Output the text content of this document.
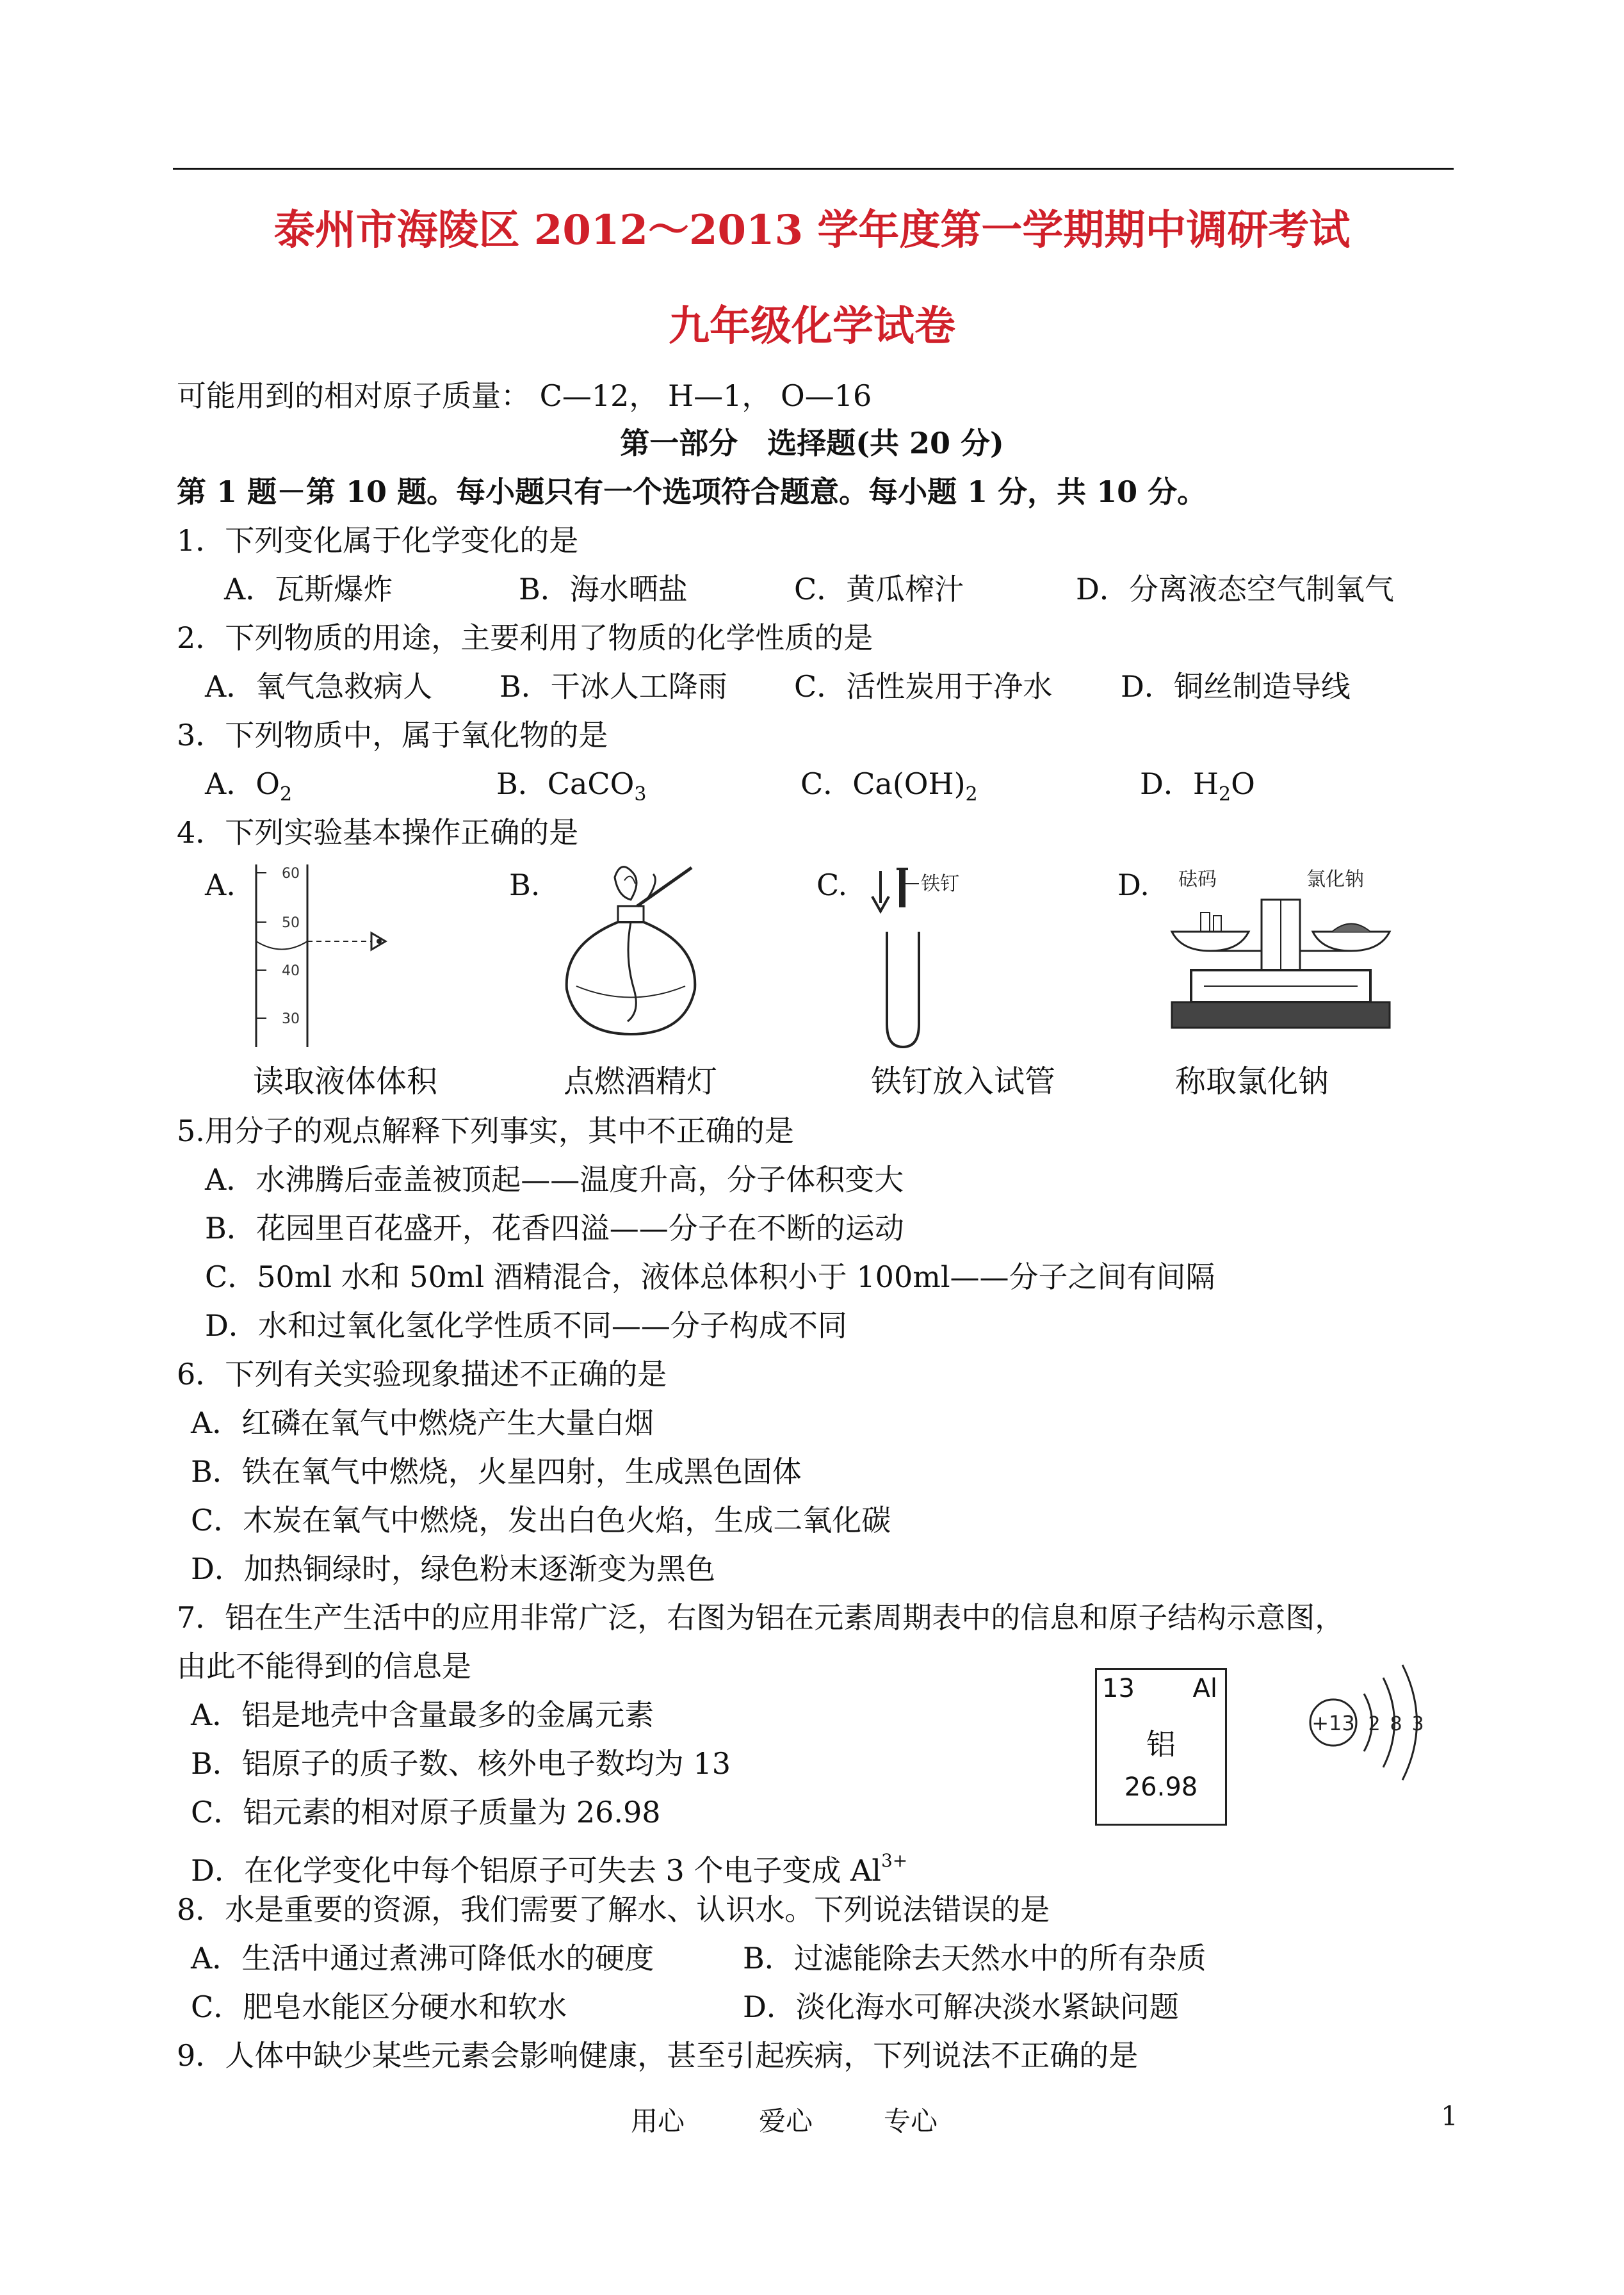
泰州市海陵区 2012～2013 学年度第一学期期中调研考试
九年级化学试卷
可能用到的相对原子质量： C—12， H—1， O—16
第一部分　选择题(共 20 分)
第 1 题－第 10 题。每小题只有一个选项符合题意。每小题 1 分，共 10 分。
1．下列变化属于化学变化的是
A．瓦斯爆炸	B．海水晒盐	C．黄瓜榨汁	D．分离液态空气制氧气
2．下列物质的用途，主要利用了物质的化学性质的是
A．氧气急救病人 B．干冰人工降雨 C．活性炭用于净水 D．铜丝制造导线
3．下列物质中，属于氧化物的是
A．$O_2$	B．CaCO$_3$	C．$Ca(OH)_2$	D．$H_2O$
4．下列实验基本操作正确的是
A.	B.	C.	D.
60
50
40
30
铁钉	砝码	氯化钠
读取液体体积	点燃酒精灯	铁钉放入试管	称取氯化钠
5.用分子的观点解释下列事实，其中不正确的是
A．水沸腾后壶盖被顶起——温度升高，分子体积变大
B．花园里百花盛开，花香四溢——分子在不断的运动
C．50ml 水和 50ml 酒精混合，液体总体积小于 100ml——分子之间有间隔
D．水和过氧化氢化学性质不同——分子构成不同
6．下列有关实验现象描述不正确的是
A．红磷在氧气中燃烧产生大量白烟
B．铁在氧气中燃烧，火星四射，生成黑色固体
C．木炭在氧气中燃烧，发出白色火焰，生成二氧化碳
D．加热铜绿时，绿色粉末逐渐变为黑色
7．铝在生产生活中的应用非常广泛，右图为铝在元素周期表中的信息和原子结构示意图，
由此不能得到的信息是
A．铝是地壳中含量最多的金属元素
B．铝原子的质子数、核外电子数均为 13
C．铝元素的相对原子质量为 26.98
D．在化学变化中每个铝原子可失去 3 个电子变成 $Al^{3+}$
13 Al
铝
26.98
+13 2 8 3
8．水是重要的资源，我们需要了解水、认识水。下列说法错误的是
A．生活中通过煮沸可降低水的硬度	B．过滤能除去天然水中的所有杂质
C．肥皂水能区分硬水和软水	D．淡化海水可解决淡水紧缺问题
9．人体中缺少某些元素会影响健康，甚至引起疾病，下列说法不正确的是
用心	爱心	专心	1
